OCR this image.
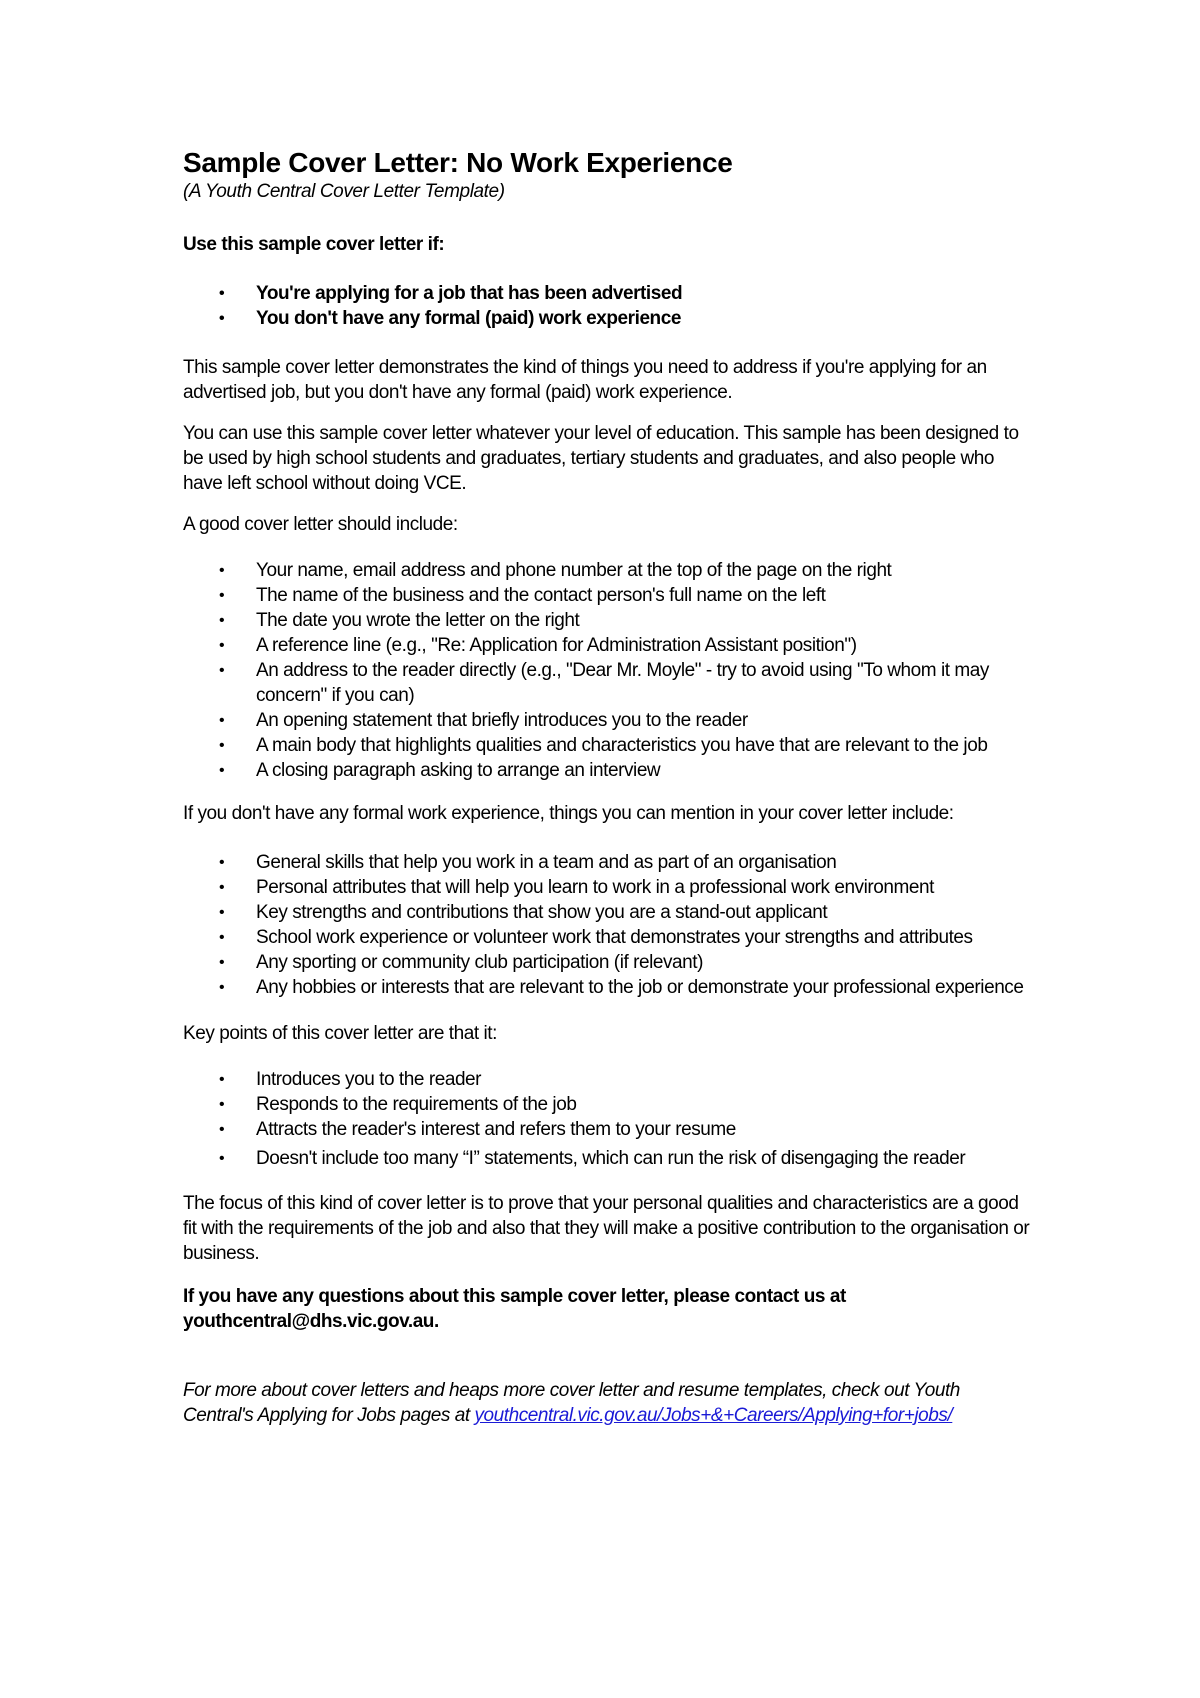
Sample Cover Letter: No Work Experience

(A Youth Central Cover Letter Template)

Use this sample cover letter if:

• You're applying for a job that has been advertised
• You don't have any formal (paid) work experience

This sample cover letter demonstrates the kind of things you need to address if you're applying for an advertised job, but you don't have any formal (paid) work experience.

You can use this sample cover letter whatever your level of education. This sample has been designed to be used by high school students and graduates, tertiary students and graduates, and also people who have left school without doing VCE.

A good cover letter should include:

• Your name, email address and phone number at the top of the page on the right
• The name of the business and the contact person's full name on the left
• The date you wrote the letter on the right
• A reference line (e.g., "Re: Application for Administration Assistant position")
• An address to the reader directly (e.g., "Dear Mr. Moyle" - try to avoid using "To whom it may concern" if you can)
• An opening statement that briefly introduces you to the reader
• A main body that highlights qualities and characteristics you have that are relevant to the job
• A closing paragraph asking to arrange an interview

If you don't have any formal work experience, things you can mention in your cover letter include:

• General skills that help you work in a team and as part of an organisation
• Personal attributes that will help you learn to work in a professional work environment
• Key strengths and contributions that show you are a stand-out applicant
• School work experience or volunteer work that demonstrates your strengths and attributes
• Any sporting or community club participation (if relevant)
• Any hobbies or interests that are relevant to the job or demonstrate your professional experience

Key points of this cover letter are that it:

• Introduces you to the reader
• Responds to the requirements of the job
• Attracts the reader's interest and refers them to your resume
• Doesn't include too many “I” statements, which can run the risk of disengaging the reader

The focus of this kind of cover letter is to prove that your personal qualities and characteristics are a good fit with the requirements of the job and also that they will make a positive contribution to the organisation or business.

If you have any questions about this sample cover letter, please contact us at youthcentral@dhs.vic.gov.au.

For more about cover letters and heaps more cover letter and resume templates, check out Youth Central's Applying for Jobs pages at youthcentral.vic.gov.au/Jobs+&+Careers/Applying+for+jobs/
